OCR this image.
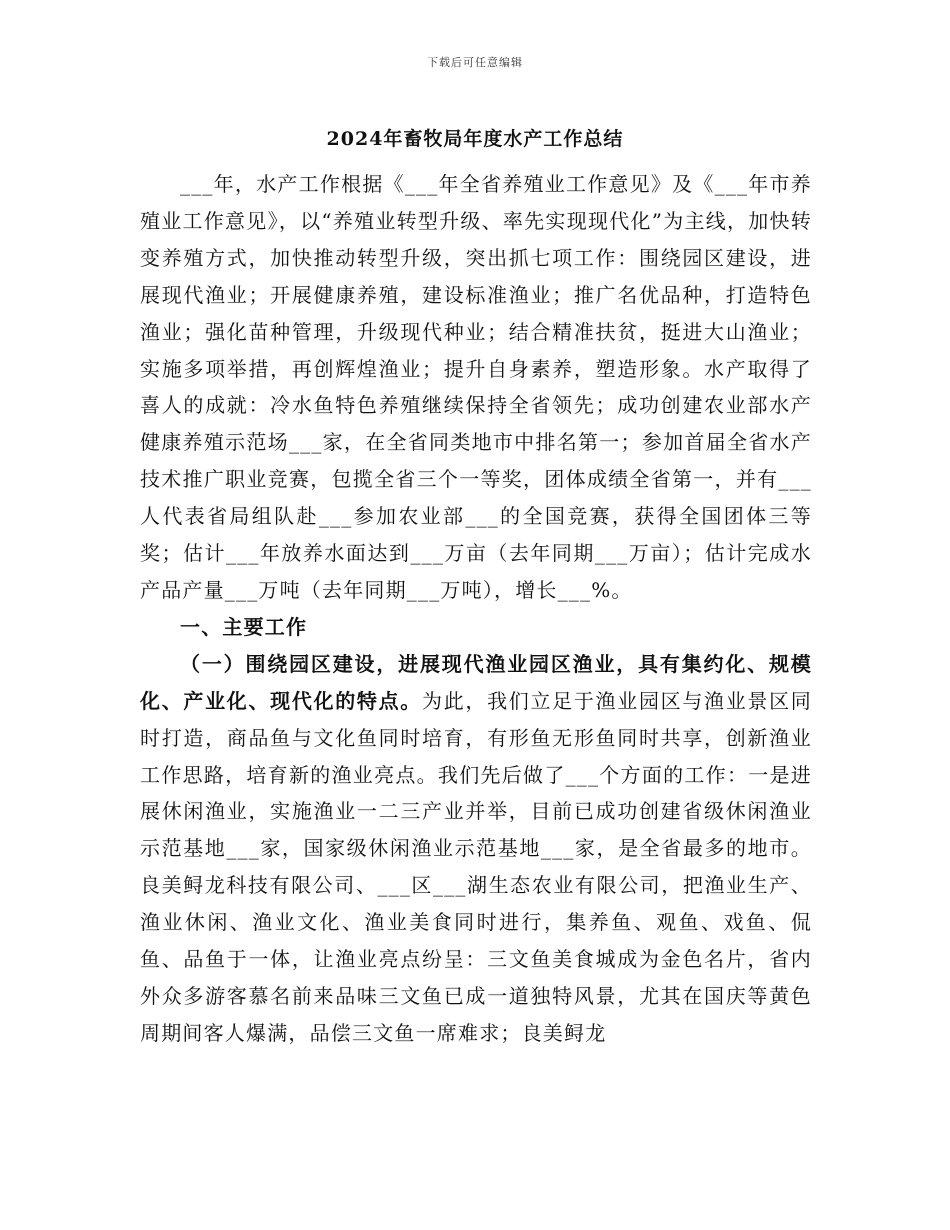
下载后可任意编辑
2024年畜牧局年度水产工作总结

___年，水产工作根据《___年全省养殖业工作意见》及《___年市养殖业工作意见》，以“养殖业转型升级、率先实现现代化”为主线，加快转变养殖方式，加快推动转型升级，突出抓七项工作：围绕园区建设，进展现代渔业；开展健康养殖，建设标准渔业；推广名优品种，打造特色渔业；强化苗种管理，升级现代种业；结合精准扶贫，挺进大山渔业；实施多项举措，再创辉煌渔业；提升自身素养，塑造形象。水产取得了喜人的成就：冷水鱼特色养殖继续保持全省领先；成功创建农业部水产健康养殖示范场___家，在全省同类地市中排名第一；参加首届全省水产技术推广职业竞赛，包揽全省三个一等奖，团体成绩全省第一，并有___人代表省局组队赴___参加农业部___的全国竞赛，获得全国团体三等奖；估计___年放养水面达到___万亩（去年同期___万亩）；估计完成水产品产量___万吨（去年同期___万吨），增长___%。

一、主要工作

（一）围绕园区建设，进展现代渔业园区渔业，具有集约化、规模化、产业化、现代化的特点。为此，我们立足于渔业园区与渔业景区同时打造，商品鱼与文化鱼同时培育，有形鱼无形鱼同时共享，创新渔业工作思路，培育新的渔业亮点。我们先后做了___个方面的工作：一是进展休闲渔业，实施渔业一二三产业并举，目前已成功创建省级休闲渔业示范基地___家，国家级休闲渔业示范基地___家，是全省最多的地市。良美鲟龙科技有限公司、___区___湖生态农业有限公司，把渔业生产、渔业休闲、渔业文化、渔业美食同时进行，集养鱼、观鱼、戏鱼、侃鱼、品鱼于一体，让渔业亮点纷呈：三文鱼美食城成为金色名片，省内外众多游客慕名前来品味三文鱼已成一道独特风景，尤其在国庆等黄色周期间客人爆满，品偿三文鱼一席难求；良美鲟龙
